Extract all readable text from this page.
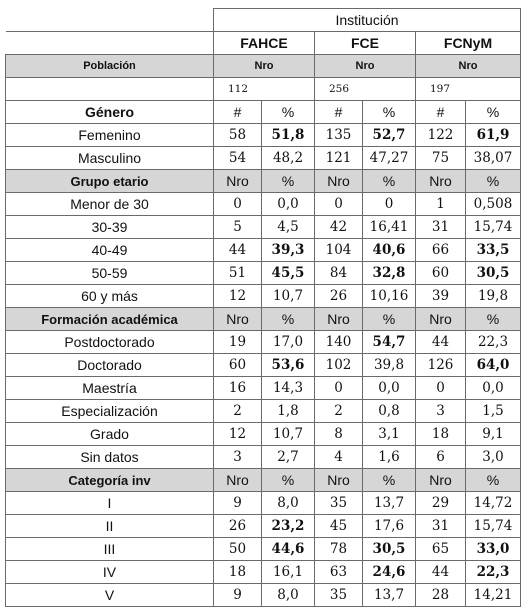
	Institución					
	FAHCE		FCE		FCNyM	
Población	Nro		Nro		Nro	
	112		256		197	
Género	#	%	#	%	#	%
Femenino	58	51,8	135	52,7	122	61,9
Masculino	54	48,2	121	47,27	75	38,07
Grupo etario	Nro	%	Nro	%	Nro	%
Menor de 30	0	0,0	0	0	1	0,508
30-39	5	4,5	42	16,41	31	15,74
40-49	44	39,3	104	40,6	66	33,5
50-59	51	45,5	84	32,8	60	30,5
60 y más	12	10,7	26	10,16	39	19,8
Formación académica	Nro	%	Nro	%	Nro	%
Postdoctorado	19	17,0	140	54,7	44	22,3
Doctorado	60	53,6	102	39,8	126	64,0
Maestría	16	14,3	0	0,0	0	0,0
Especialización	2	1,8	2	0,8	3	1,5
Grado	12	10,7	8	3,1	18	9,1
Sin datos	3	2,7	4	1,6	6	3,0
Categoría inv	Nro	%	Nro	%	Nro	%
I	9	8,0	35	13,7	29	14,72
II	26	23,2	45	17,6	31	15,74
III	50	44,6	78	30,5	65	33,0
IV	18	16,1	63	24,6	44	22,3
V	9	8,0	35	13,7	28	14,21
